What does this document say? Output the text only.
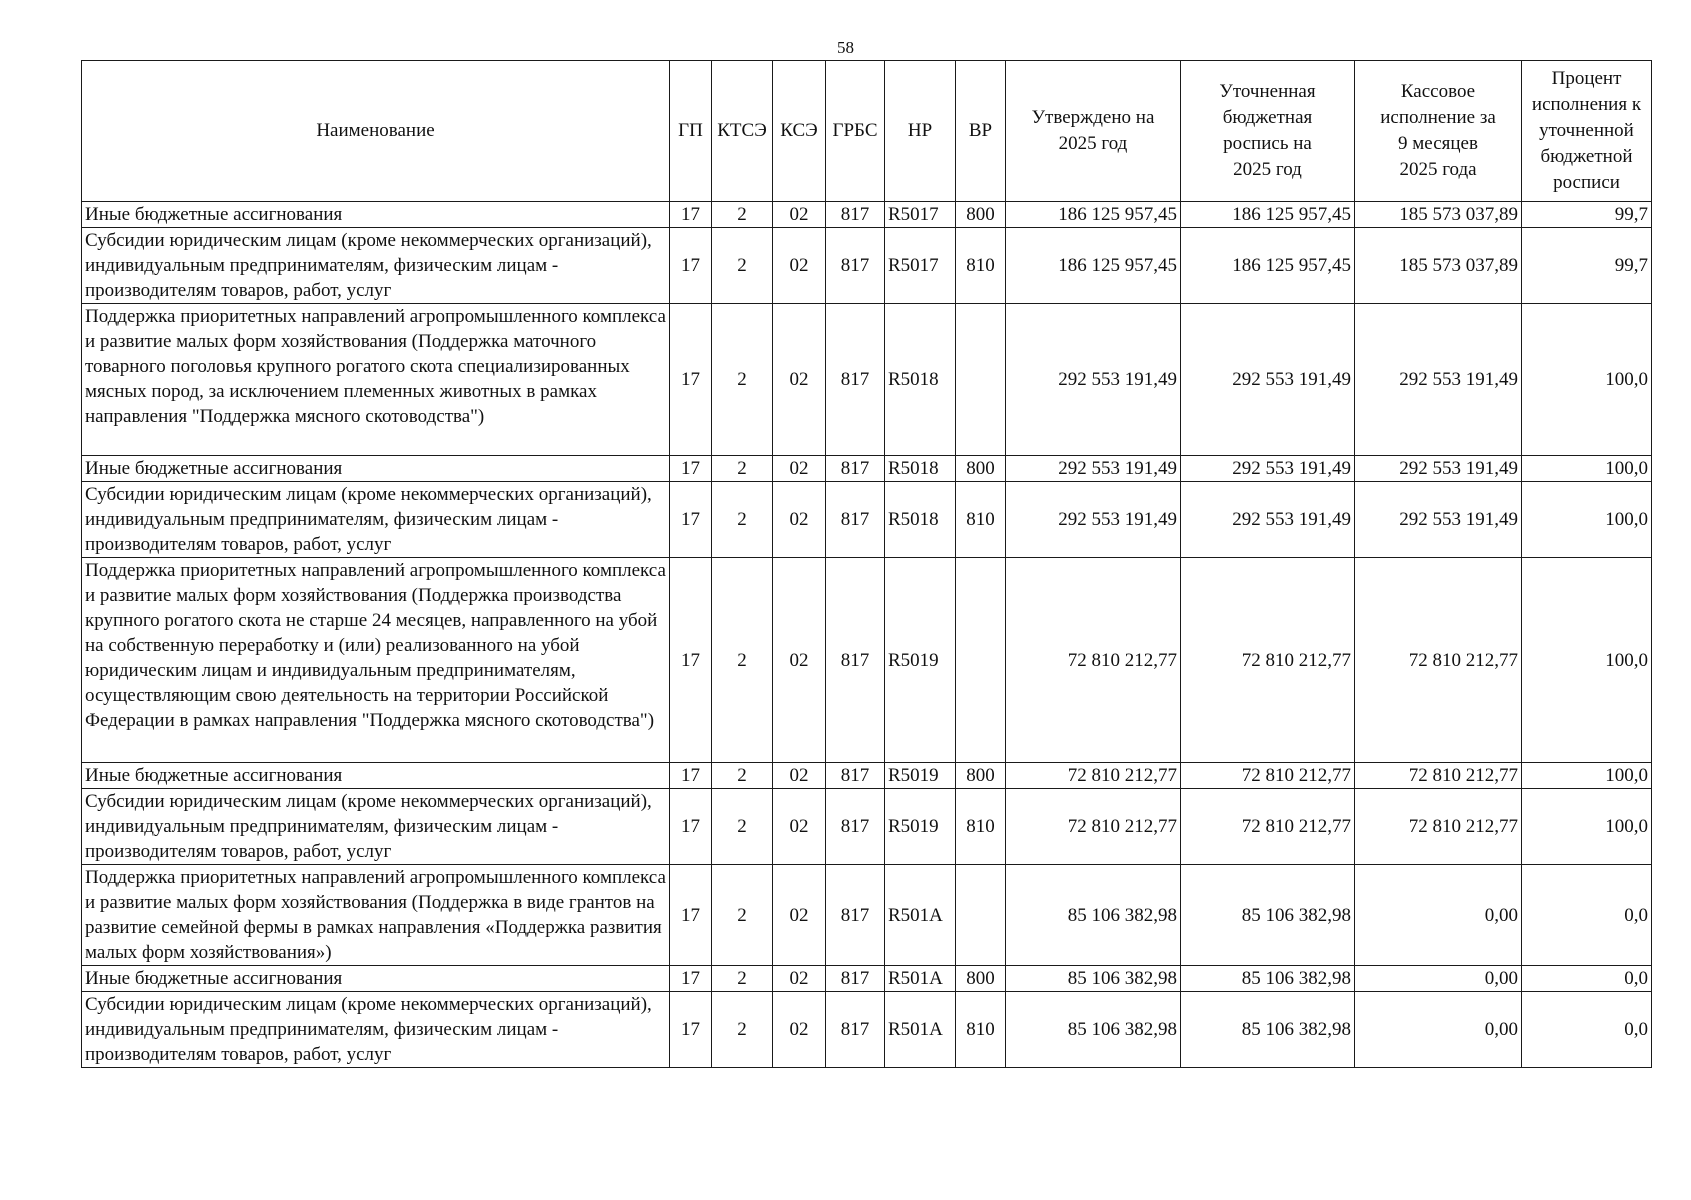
58
Наименование	ГП	КТСЭ	КСЭ	ГРБС	НР	ВР	Утверждено на 2025 год	Уточненная бюджетная роспись на 2025 год	Кассовое исполнение за 9 месяцев 2025 года	Процент исполнения к уточненной бюджетной росписи
Иные бюджетные ассигнования	17	2	02	817	R5017	800	186 125 957,45	186 125 957,45	185 573 037,89	99,7
Субсидии юридическим лицам (кроме некоммерческих организаций), индивидуальным предпринимателям, физическим лицам - производителям товаров, работ, услуг	17	2	02	817	R5017	810	186 125 957,45	186 125 957,45	185 573 037,89	99,7
Поддержка приоритетных направлений агропромышленного комплекса и развитие малых форм хозяйствования (Поддержка маточного товарного поголовья крупного рогатого скота специализированных мясных пород, за исключением племенных животных в рамках направления "Поддержка мясного скотоводства")	17	2	02	817	R5018		292 553 191,49	292 553 191,49	292 553 191,49	100,0
Иные бюджетные ассигнования	17	2	02	817	R5018	800	292 553 191,49	292 553 191,49	292 553 191,49	100,0
Субсидии юридическим лицам (кроме некоммерческих организаций), индивидуальным предпринимателям, физическим лицам - производителям товаров, работ, услуг	17	2	02	817	R5018	810	292 553 191,49	292 553 191,49	292 553 191,49	100,0
Поддержка приоритетных направлений агропромышленного комплекса и развитие малых форм хозяйствования (Поддержка производства крупного рогатого скота не старше 24 месяцев, направленного на убой на собственную переработку и (или) реализованного на убой юридическим лицам и индивидуальным предпринимателям, осуществляющим свою деятельность на территории Российской Федерации в рамках направления "Поддержка мясного скотоводства")	17	2	02	817	R5019		72 810 212,77	72 810 212,77	72 810 212,77	100,0
Иные бюджетные ассигнования	17	2	02	817	R5019	800	72 810 212,77	72 810 212,77	72 810 212,77	100,0
Субсидии юридическим лицам (кроме некоммерческих организаций), индивидуальным предпринимателям, физическим лицам - производителям товаров, работ, услуг	17	2	02	817	R5019	810	72 810 212,77	72 810 212,77	72 810 212,77	100,0
Поддержка приоритетных направлений агропромышленного комплекса и развитие малых форм хозяйствования (Поддержка в виде грантов на развитие семейной фермы в рамках направления «Поддержка развития малых форм хозяйствования»)	17	2	02	817	R501А		85 106 382,98	85 106 382,98	0,00	0,0
Иные бюджетные ассигнования	17	2	02	817	R501А	800	85 106 382,98	85 106 382,98	0,00	0,0
Субсидии юридическим лицам (кроме некоммерческих организаций), индивидуальным предпринимателям, физическим лицам - производителям товаров, работ, услуг	17	2	02	817	R501А	810	85 106 382,98	85 106 382,98	0,00	0,0
